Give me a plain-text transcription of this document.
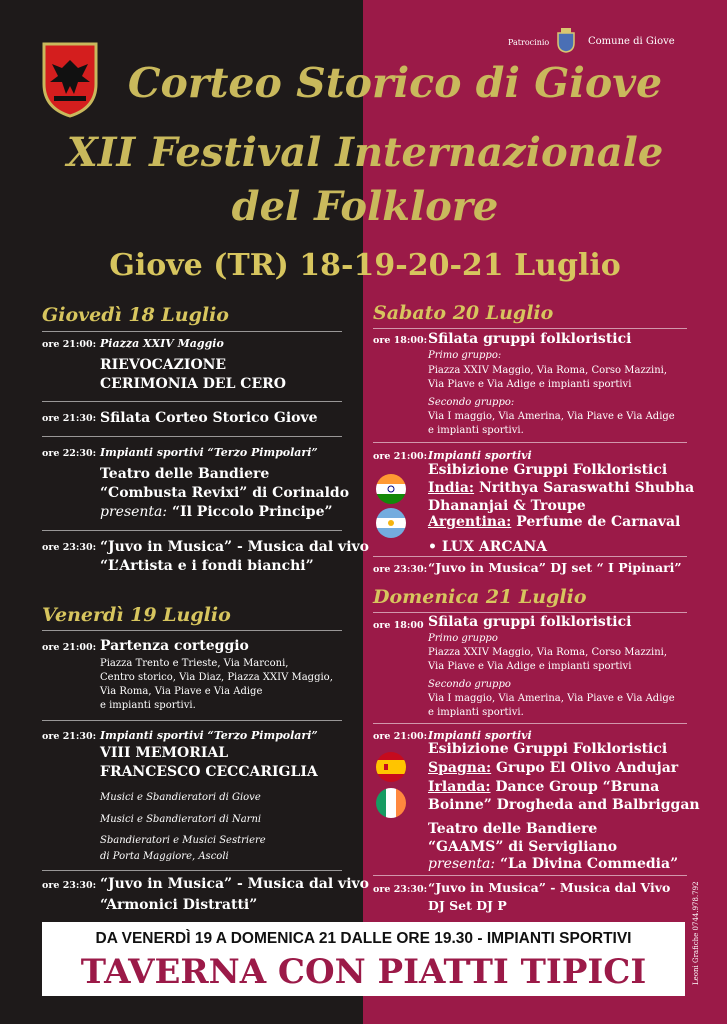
Patrocinio	Comune di Giove
Corteo Storico di Giove
XII Festival Internazionale
del Folklore
Giove (TR) 18-19-20-21 Luglio
Giovedì 18 Luglio
ore 21:00: Piazza XXIV Maggio
RIEVOCAZIONE
CERIMONIA DEL CERO
ore 21:30: Sfilata Corteo Storico Giove
ore 22:30: Impianti sportivi “Terzo Pimpolari”
Teatro delle Bandiere
“Combusta Revixi” di Corinaldo
presenta: “Il Piccolo Principe”
ore 23:30: “Juvo in Musica” - Musica dal vivo
“L’Artista e i fondi bianchi”
Venerdì 19 Luglio
ore 21:00: Partenza corteggio
Piazza Trento e Trieste, Via Marconi,
Centro storico, Via Diaz, Piazza XXIV Maggio,
Via Roma, Via Piave e Via Adige
e impianti sportivi.
ore 21:30: Impianti sportivi “Terzo Pimpolari”
VIII MEMORIAL
FRANCESCO CECCARIGLIA
Musici e Sbandieratori di Giove
Musici e Sbandieratori di Narni
Sbandieratori e Musici Sestriere
di Porta Maggiore, Ascoli
ore 23:30: “Juvo in Musica” - Musica dal vivo
“Armonici Distratti”
Sabato 20 Luglio
ore 18:00: Sfilata gruppi folkloristici
Primo gruppo:
Piazza XXIV Maggio, Via Roma, Corso Mazzini,
Via Piave e Via Adige e impianti sportivi
Secondo gruppo:
Via I maggio, Via Amerina, Via Piave e Via Adige
e impianti sportivi.
ore 21:00: Impianti sportivi
Esibizione Gruppi Folkloristici
India: Nrithya Saraswathi Shubha
Dhananjai & Troupe
Argentina: Perfume de Carnaval
• LUX ARCANA
ore 23:30: “Juvo in Musica” DJ set “ I Pipinari”
Domenica 21 Luglio
ore 18:00 Sfilata gruppi folkloristici
Primo gruppo
Piazza XXIV Maggio, Via Roma, Corso Mazzini,
Via Piave e Via Adige e impianti sportivi
Secondo gruppo
Via I maggio, Via Amerina, Via Piave e Via Adige
e impianti sportivi.
ore 21:00: Impianti sportivi
Esibizione Gruppi Folkloristici
Spagna: Grupo El Olivo Andujar
Irlanda: Dance Group “Bruna
Boinne” Drogheda and Balbriggan
Teatro delle Bandiere
“GAAMS” di Servigliano
presenta: “La Divina Commedia”
ore 23:30: “Juvo in Musica” - Musica dal Vivo
DJ Set DJ P	Leoni Grafiche 0744.978.792
DA VENERDÌ 19 A DOMENICA 21 DALLE ORE 19.30 - IMPIANTI SPORTIVI
TAVERNA CON PIATTI TIPICI
